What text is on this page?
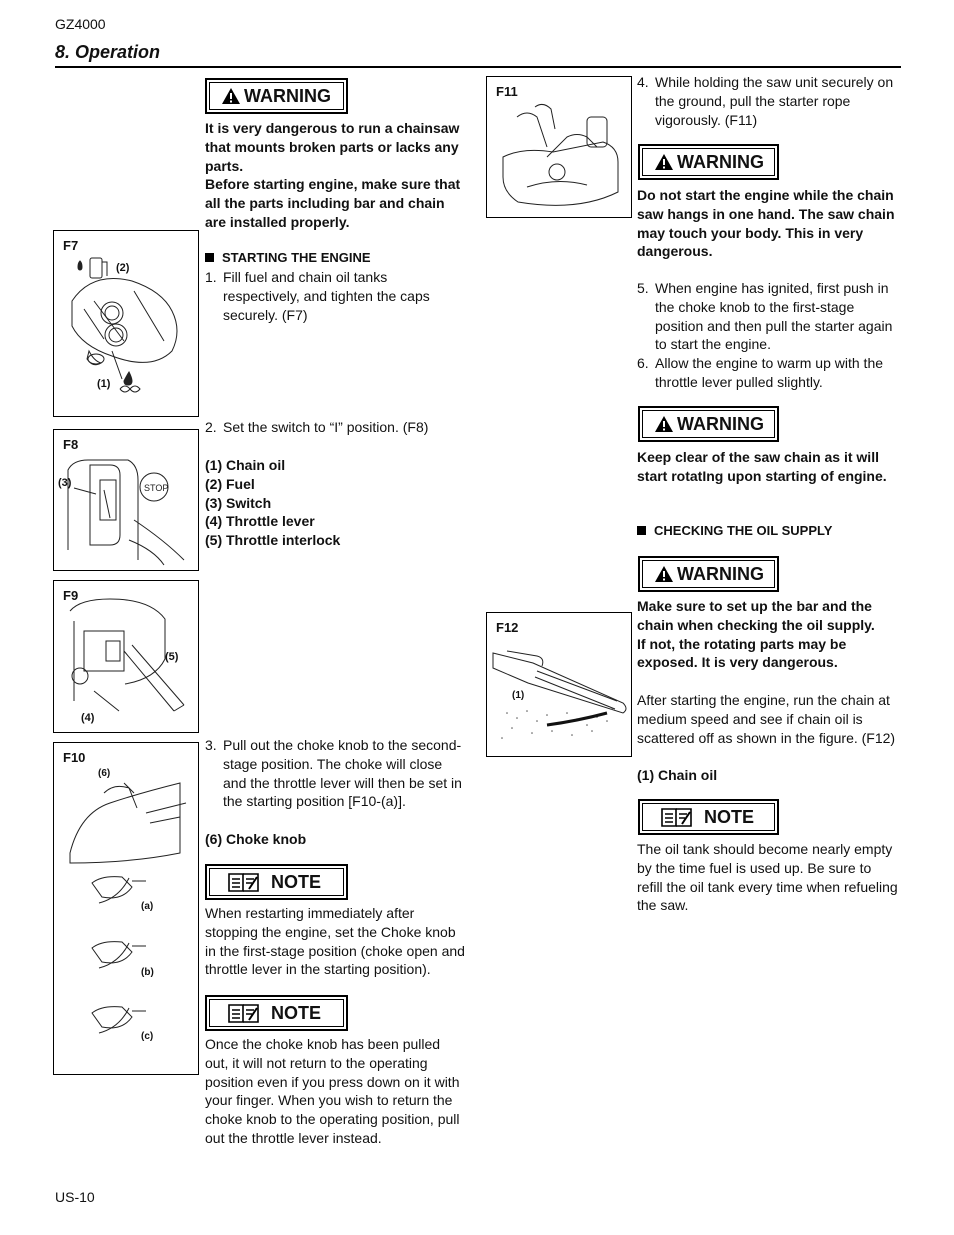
GZ4000
8. Operation
F7
(2)
(1)
STOP
F8
(3)
F9
(5)
(4)
F10
(6)
(a)
(b)
(c)
WARNING
It is very dangerous to run a chainsaw
that mounts broken parts or lacks any
parts.
Before starting engine, make sure that
all the parts including bar and chain
are installed properly.
STARTING THE ENGINE
1. Fill fuel and chain oil tanks
respectively, and tighten the caps
securely. (F7)
2. Set the switch to “I” position. (F8)
(1) Chain oil
(2) Fuel
(3) Switch
(4) Throttle lever
(5) Throttle interlock
3. Pull out the choke knob to the second-
stage position. The choke will close
and the throttle lever will then be set in
the starting position [F10-(a)].
(6) Choke knob
NOTE
When restarting immediately after
stopping the engine, set the Choke knob
in the first-stage position (choke open and
throttle lever in the starting position).
NOTE
Once the choke knob has been pulled
out, it will not return to the operating
position even if you press down on it with
your finger. When you wish to return the
choke knob to the operating position, pull
out the throttle lever instead.
F11
F12
(1)
4. While holding the saw unit securely on
the ground, pull the starter rope
vigorously. (F11)
WARNING
Do not start the engine while the chain
saw hangs in one hand. The saw chain
may touch your body. This in very
dangerous.
5. When engine has ignited, first push in
the choke knob to the first-stage
position and then pull the starter again
to start the engine.
6. Allow the engine to warm up with the
throttle lever pulled slightly.
WARNING
Keep clear of the saw chain as it will
start rotatIng upon starting of engine.
CHECKING THE OIL SUPPLY
WARNING
Make sure to set up the bar and the
chain when checking the oil supply.
If not, the rotating parts may be
exposed. It is very dangerous.
After starting the engine, run the chain at
medium speed and see if chain oil is
scattered off as shown in the figure. (F12)
(1) Chain oil
NOTE
The oil tank should become nearly empty
by the time fuel is used up. Be sure to
refill the oil tank every time when refueling
the saw.
US-10
